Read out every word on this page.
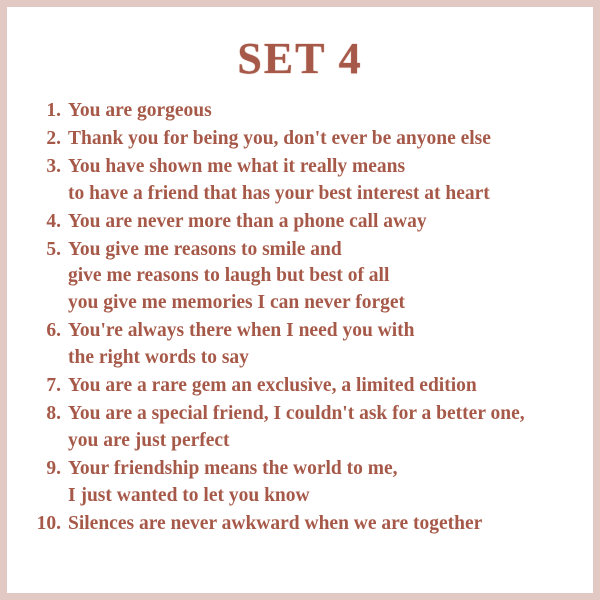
SET 4
1. You are gorgeous
2. Thank you for being you, don't ever be anyone else
3. You have shown me what it really means
to have a friend that has your best interest at heart
4. You are never more than a phone call away
5. You give me reasons to smile and
give me reasons to laugh but best of all
you give me memories I can never forget
6. You're always there when I need you with
the right words to say
7. You are a rare gem an exclusive, a limited edition
8. You are a special friend, I couldn't ask for a better one,
you are just perfect
9. Your friendship means the world to me,
I just wanted to let you know
10. Silences are never awkward when we are together
